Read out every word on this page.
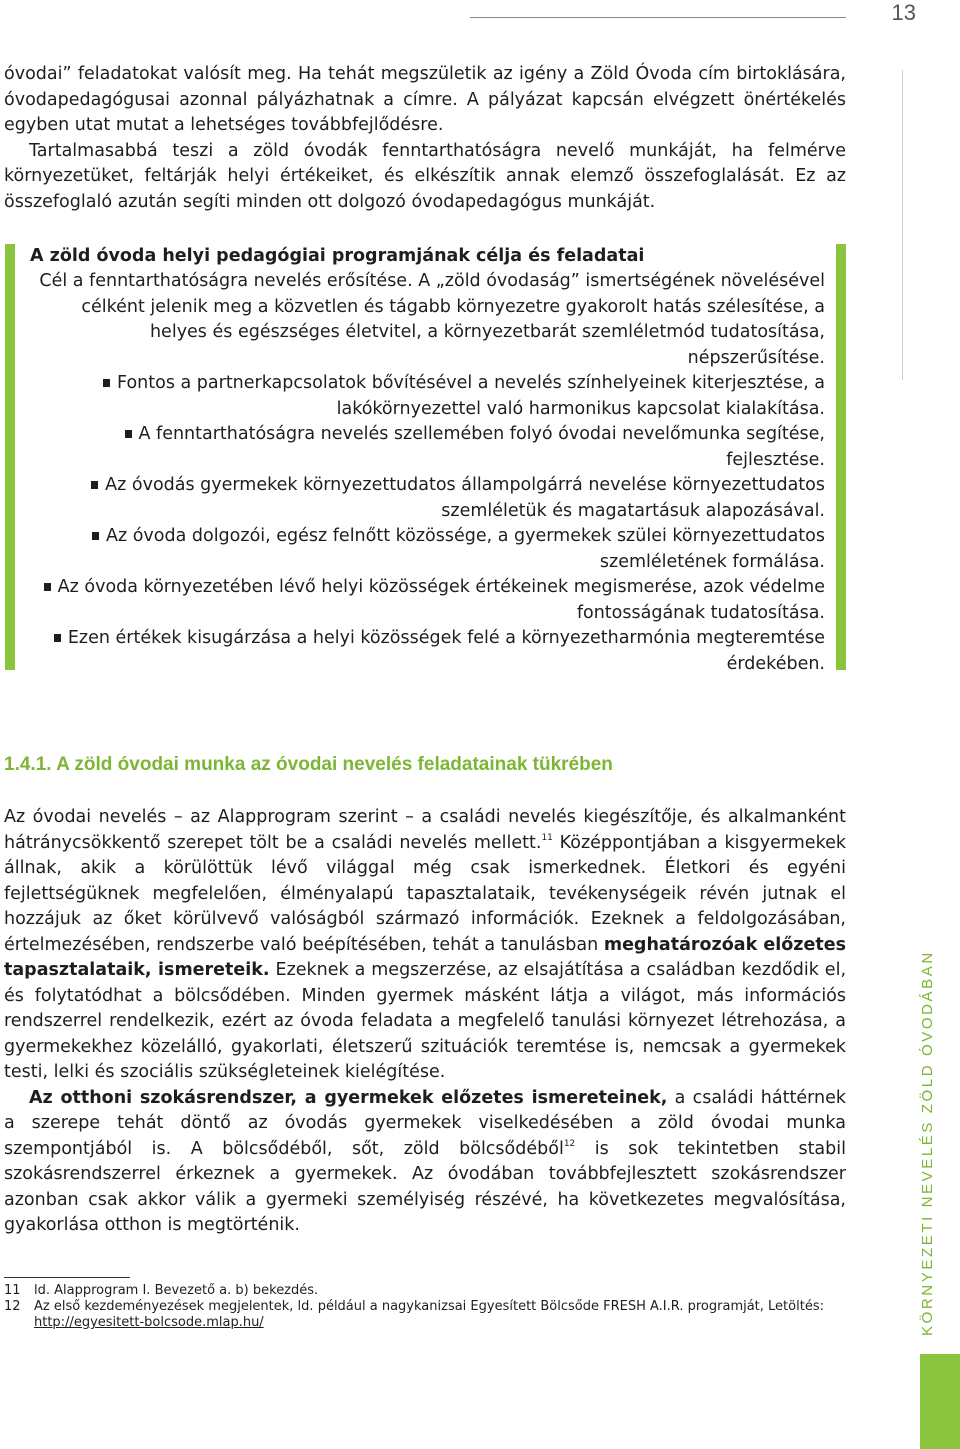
13

óvodai” feladatokat valósít meg. Ha tehát megszületik az igény a Zöld Óvoda cím birtoklására, óvodapedagógusai azonnal pályázhatnak a címre. A pályázat kapcsán elvégzett önértékelés egyben utat mutat a lehetséges továbbfejlődésre.

Tartalmasabbá teszi a zöld óvodák fenntarthatóságra nevelő munkáját, ha felmérve környezetüket, feltárják helyi értékeiket, és elkészítik annak elemző összefoglalását. Ez az összefoglaló azután segíti minden ott dolgozó óvodapedagógus munkáját.

A zöld óvoda helyi pedagógiai programjának célja és feladatai

Cél a fenntarthatóságra nevelés erősítése. A „zöld óvodaság” ismertségének növelésével célként jelenik meg a közvetlen és tágabb környezetre gyakorolt hatás szélesítése, a helyes és egészséges életvitel, a környezetbarát szemléletmód tudatosítása, népszerűsítése.

Fontos a partnerkapcsolatok bővítésével a nevelés színhelyeinek kiterjesztése, a lakókörnyezettel való harmonikus kapcsolat kialakítása.

A fenntarthatóságra nevelés szellemében folyó óvodai nevelőmunka segítése, fejlesztése.

Az óvodás gyermekek környezettudatos állampolgárrá nevelése környezettudatos szemléletük és magatartásuk alapozásával.

Az óvoda dolgozói, egész felnőtt közössége, a gyermekek szülei környezettudatos szemléletének formálása.

Az óvoda környezetében lévő helyi közösségek értékeinek megismerése, azok védelme fontosságának tudatosítása.

Ezen értékek kisugárzása a helyi közösségek felé a környezetharmónia megteremtése érdekében.

1.4.1. A zöld óvodai munka az óvodai nevelés feladatainak tükrében

Az óvodai nevelés – az Alapprogram szerint – a családi nevelés kiegészítője, és alkalmanként hátránycsökkentő szerepet tölt be a családi nevelés mellett.$^{11}$ Középpontjában a kisgyermekek állnak, akik a körülöttük lévő világgal még csak ismerkednek. Életkori és egyéni fejlettségüknek megfelelően, élményalapú tapasztalataik, tevékenységeik révén jutnak el hozzájuk az őket körülvevő valóságból származó információk. Ezeknek a feldolgozásában, értelmezésében, rendszerbe való beépítésében, tehát a tanulásban meghatározóak előzetes tapasztalataik, ismereteik. Ezeknek a megszerzése, az elsajátítása a családban kezdődik el, és folytatódhat a bölcsődében. Minden gyermek másként látja a világot, más információs rendszerrel rendelkezik, ezért az óvoda feladata a megfelelő tanulási környezet létrehozása, a gyermekekhez közelálló, gyakorlati, életszerű szituációk teremtése is, nemcsak a gyermekek testi, lelki és szociális szükségleteinek kielégítése.

Az otthoni szokásrendszer, a gyermekek előzetes ismereteinek, a családi háttérnek a szerepe tehát döntő az óvodás gyermekek viselkedésében a zöld óvodai munka szempontjából is. A bölcsődéből, sőt, zöld bölcsődéből$^{12}$ is sok tekintetben stabil szokásrendszerrel érkeznek a gyermekek. Az óvodában továbbfejlesztett szokásrendszer azonban csak akkor válik a gyermeki személyiség részévé, ha következetes megvalósítása, gyakorlása otthon is megtörténik.

11	ld. Alapprogram I. Bevezető a. b) bekezdés.
12	Az első kezdeményezések megjelentek, ld. például a nagykanizsai Egyesített Bölcsőde FRESH A.I.R. programját, Letöltés: http://egyesitett-bolcsode.mlap.hu/	KÖRNYEZETI NEVELÉS ZÖLD ÓVODÁBAN
